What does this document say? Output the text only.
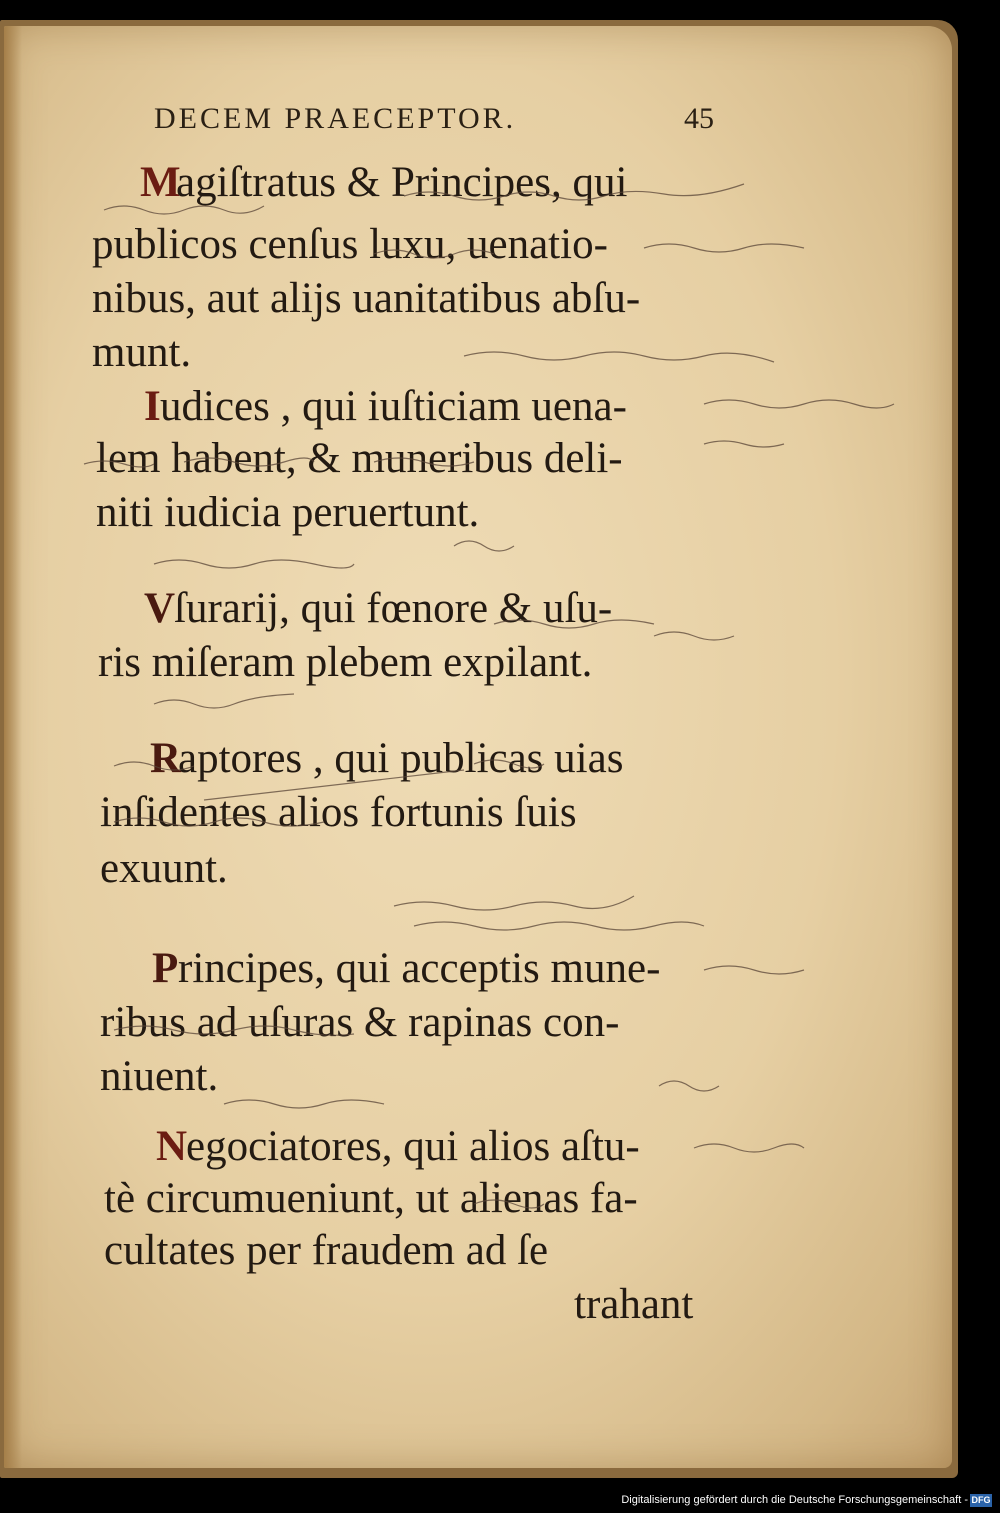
DECEM PRAECEPTOR.	45
M
agiſtratus & Principes, qui
publicos cenſus luxu, uenatio-
nibus, aut alijs uanitatibus abſu-
munt.
I udices , qui iuſticiam uena-
lem habent, & muneribus deli-
niti iudicia peruertunt.
V
ſurarij, qui fœnore & uſu-
ris miſeram plebem expilant.
R
aptores , qui publicas uias
inſidentes alios fortunis ſuis
exuunt.
P rincipes, qui acceptis mune-
ribus ad uſuras & rapinas con-
niuent.
N
egociatores, qui alios aſtu-
tè circumueniunt, ut alienas fa-
cultates per fraudem ad ſe
trahant
Digitalisierung gefördert durch die Deutsche Forschungsgemeinschaft - DFG
